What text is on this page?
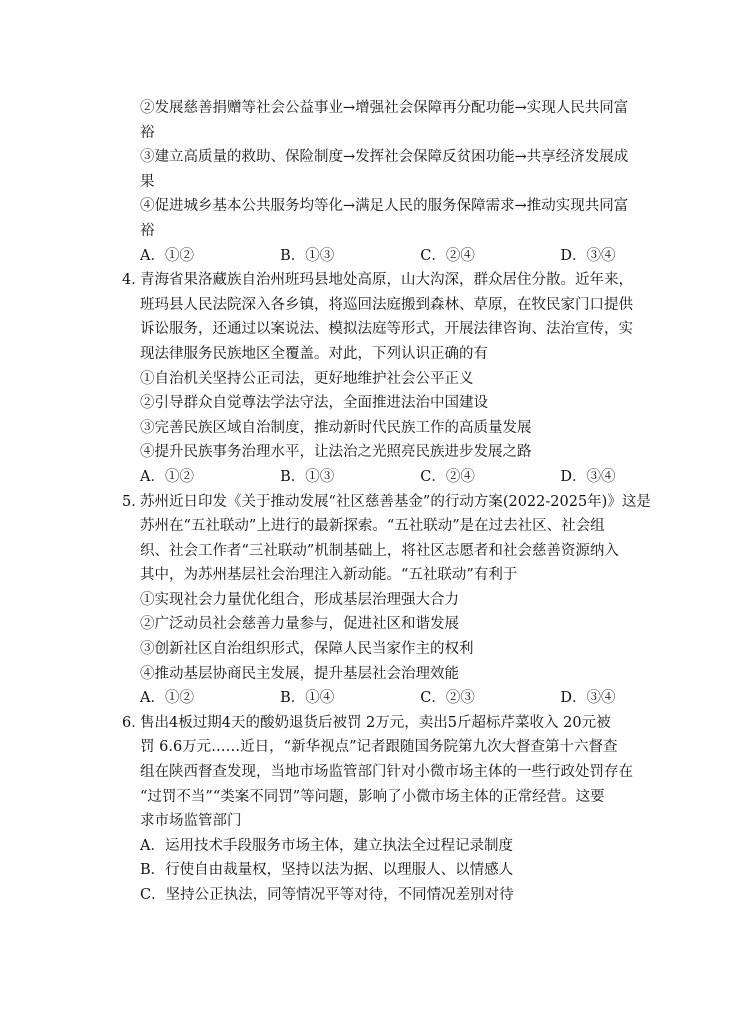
②发展慈善捐赠等社会公益事业→增强社会保障再分配功能→实现人民共同富
裕
③建立高质量的救助、保险制度→发挥社会保障反贫困功能→共享经济发展成
果
④促进城乡基本公共服务均等化→满足人民的服务保障需求→推动实现共同富
裕
A．①②	B．①③	C．②④	D．③④
4．
青海省果洛藏族自治州班玛县地处高原，山大沟深，群众居住分散。近年来，
班玛县人民法院深入各乡镇，将巡回法庭搬到森林、草原，在牧民家门口提供
诉讼服务，还通过以案说法、模拟法庭等形式，开展法律咨询、法治宣传，实
现法律服务民族地区全覆盖。对此，下列认识正确的有
①自治机关坚持公正司法，更好地维护社会公平正义
②引导群众自觉尊法学法守法，全面推进法治中国建设
③完善民族区域自治制度，推动新时代民族工作的高质量发展
④提升民族事务治理水平，让法治之光照亮民族进步发展之路
A．①②	B．①③	C．②④	D．③④
5．
苏州近日印发《关于推动发展“社区慈善基金”的行动方案(2022-2025年)》这是
苏州在“五社联动”上进行的最新探索。“五社联动”是在过去社区、社会组
织、社会工作者“三社联动”机制基础上，将社区志愿者和社会慈善资源纳入
其中，为苏州基层社会治理注入新动能。“五社联动”有利于
①实现社会力量优化组合，形成基层治理强大合力
②广泛动员社会慈善力量参与，促进社区和谐发展
③创新社区自治组织形式，保障人民当家作主的权利
④推动基层协商民主发展，提升基层社会治理效能
A．①②	B．①④	C．②③	D．③④
6．
售出4板过期4天的酸奶退货后被罚 2万元，卖出5斤超标芹菜收入 20元被
罚 6.6万元……近日，“新华视点”记者跟随国务院第九次大督查第十六督查
组在陕西督查发现，当地市场监管部门针对小微市场主体的一些行政处罚存在
“过罚不当”“类案不同罚”等问题，影响了小微市场主体的正常经营。这要
求市场监管部门
A．运用技术手段服务市场主体，建立执法全过程记录制度
B．行使自由裁量权，坚持以法为据、以理服人、以情感人
C．坚持公正执法，同等情况平等对待，不同情况差别对待
